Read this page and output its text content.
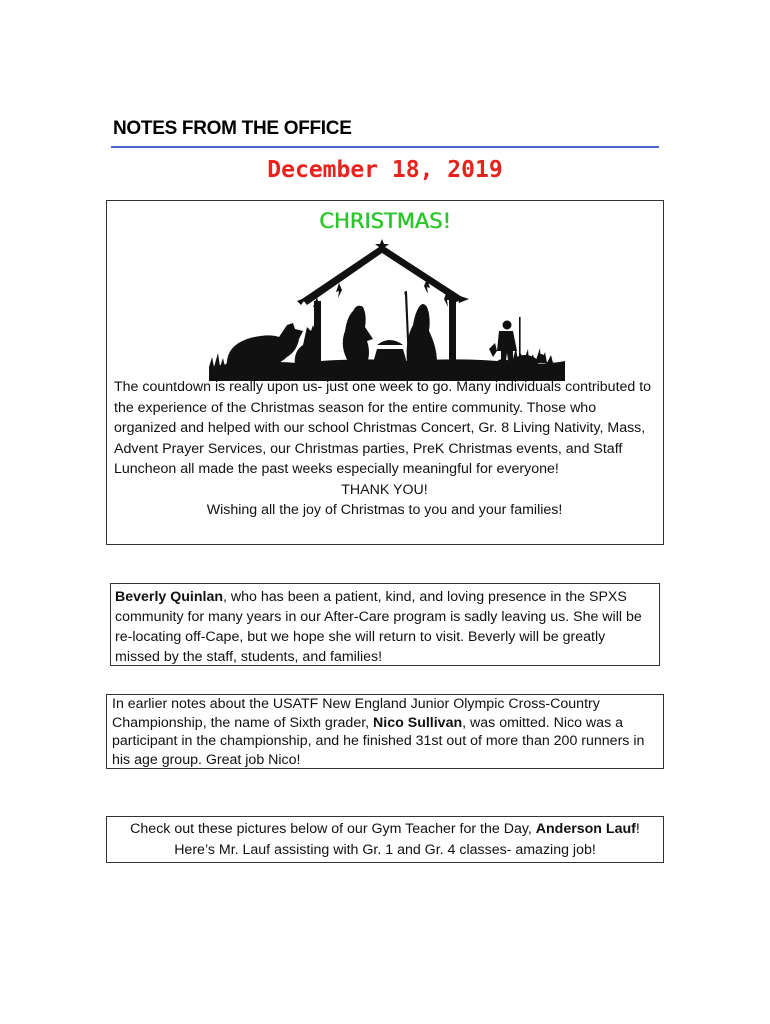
NOTES FROM THE OFFICE
December 18, 2019
CHRISTMAS!
The countdown is really upon us- just one week to go. Many individuals contributed to the experience of the Christmas season for the entire community. Those who organized and helped with our school Christmas Concert, Gr. 8 Living Nativity, Mass, Advent Prayer Services, our Christmas parties, PreK Christmas events, and Staff Luncheon all made the past weeks especially meaningful for everyone!
THANK YOU!
Wishing all the joy of Christmas to you and your families!
Beverly Quinlan, who has been a patient, kind, and loving presence in the SPXS community for many years in our After-Care program is sadly leaving us. She will be re-locating off-Cape, but we hope she will return to visit. Beverly will be greatly missed by the staff, students, and families!
In earlier notes about the USATF New England Junior Olympic Cross-Country Championship, the name of Sixth grader, Nico Sullivan, was omitted. Nico was a participant in the championship, and he finished 31st out of more than 200 runners in his age group. Great job Nico!
Check out these pictures below of our Gym Teacher for the Day, Anderson Lauf! Here’s Mr. Lauf assisting with Gr. 1 and Gr. 4 classes- amazing job!
